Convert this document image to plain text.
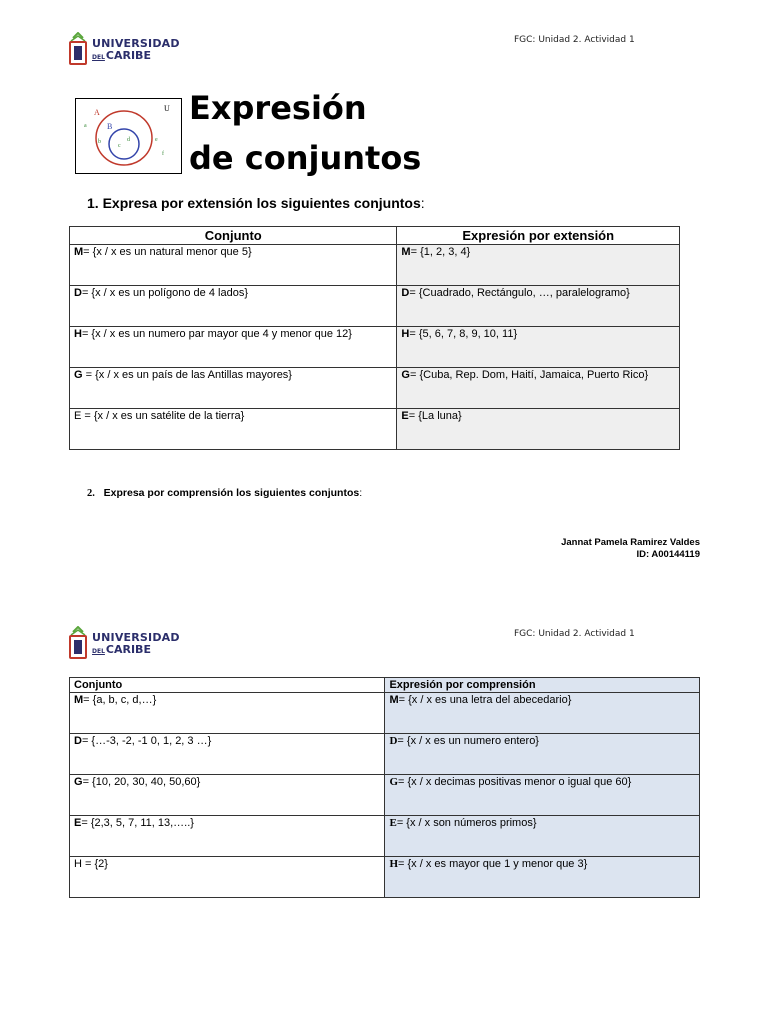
FGC: Unidad 2. Actividad 1
UNIVERSIDAD
DELCARIBE
A	U
B
a
b
c
d	e
f
Expresión
de conjuntos
1. Expresa por extensión los siguientes conjuntos:
Conjunto	Expresión por extensión
M= {x / x es un natural menor que 5}	M= {1, 2, 3, 4}
D= {x / x es un polígono de 4 lados}	D= {Cuadrado, Rectángulo, …, paralelogramo}
H= {x / x es un numero par mayor que 4 y menor que 12}	H= {5, 6, 7, 8, 9, 10, 11}
G = {x / x es un país de las Antillas mayores}	G= {Cuba, Rep. Dom, Haití, Jamaica, Puerto Rico}
E = {x / x es un satélite de la tierra}	E= {La luna}
2. Expresa por comprensión los siguientes conjuntos:
Jannat Pamela Ramirez Valdes
ID: A00144119
FGC: Unidad 2. Actividad 1
UNIVERSIDAD
DELCARIBE
Conjunto	Expresión por comprensión
M= {a, b, c, d,…}	M= {x / x es una letra del abecedario}
D= {…-3, -2, -1 0, 1, 2, 3 …}	D= {x / x es un numero entero}
G= {10, 20, 30, 40, 50,60}	G= {x / x decimas positivas menor o igual que 60}
E= {2,3, 5, 7, 11, 13,…..}	E= {x / x son números primos}
H = {2}	H= {x / x es mayor que 1 y menor que 3}
